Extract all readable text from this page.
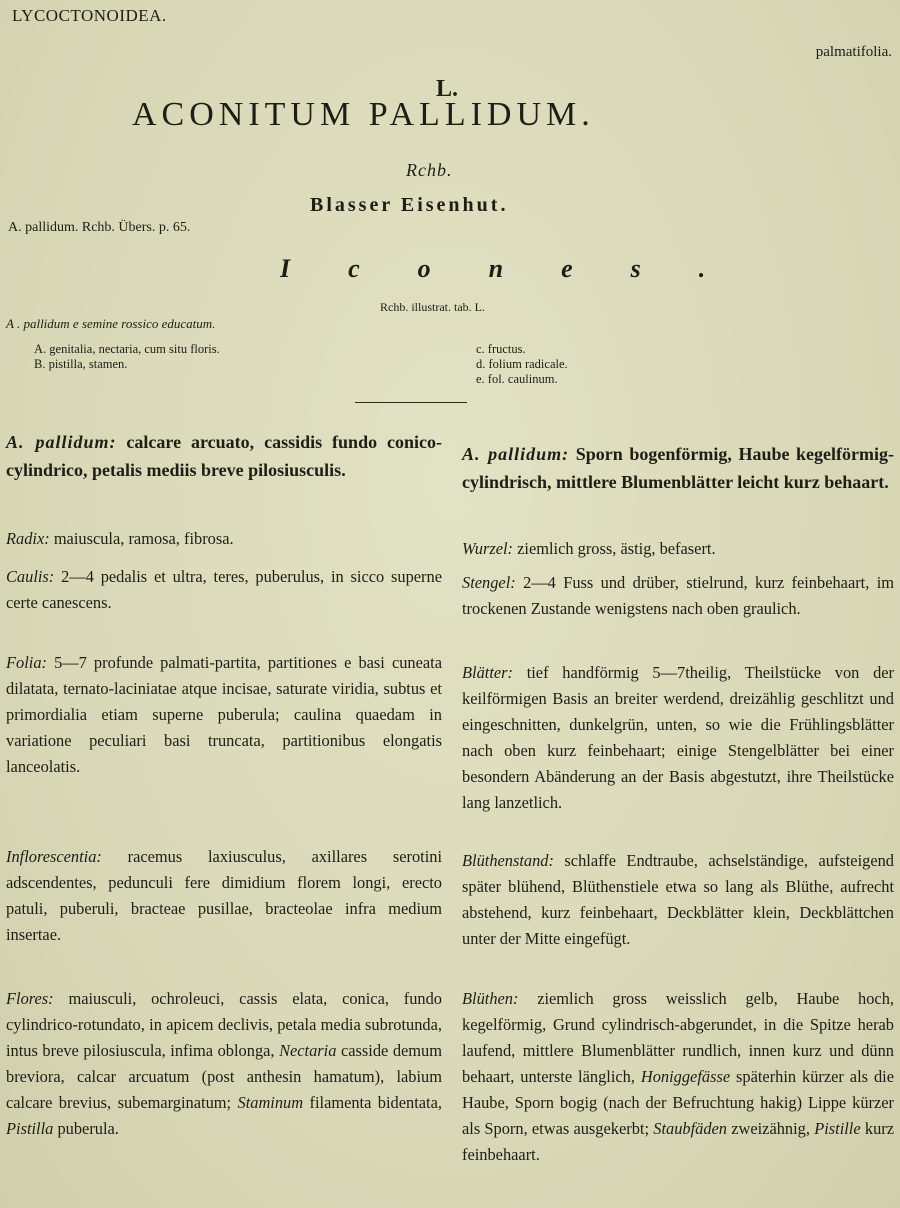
LYCOCTONOIDEA.
palmatifolia.
L.
ACONITUM PALLIDUM.
Rchb.
Blasser Eisenhut.
A. pallidum. Rchb. Übers. p. 65.
Icones.
Rchb. illustrat. tab. L.
A . pallidum e semine rossico educatum.
A. genitalia, nectaria, cum situ floris.
B. pistilla, stamen.
c. fructus.
d. folium radicale.
e. fol. caulinum.
A. pallidum: calcare arcuato, cassidis fundo conico-cylindrico, petalis mediis breve pilosiusculis.
Radix: maiuscula, ramosa, fibrosa.
Caulis: 2—4 pedalis et ultra, teres, puberulus, in sicco superne certe canescens.
Folia: 5—7 profunde palmati-partita, partitiones e basi cuneata dilatata, ternato-laciniatae atque incisae, saturate viridia, subtus et primordialia etiam superne puberula; caulina quaedam in variatione peculiari basi truncata, partitionibus elongatis lanceolatis.
Inflorescentia: racemus laxiusculus, axillares serotini adscendentes, pedunculi fere dimidium florem longi, erecto patuli, puberuli, bracteae pusillae, bracteolae infra medium insertae.
Flores: maiusculi, ochroleuci, cassis elata, conica, fundo cylindrico-rotundato, in apicem declivis, petala media subrotunda, intus breve pilosiuscula, infima oblonga, Nectaria casside demum breviora, calcar arcuatum (post anthesin hamatum), labium calcare brevius, subemarginatum; Staminum filamenta bidentata, Pistilla puberula.
A. pallidum: Sporn bogenförmig, Haube kegelförmig-cylindrisch, mittlere Blumenblätter leicht kurz behaart.
Wurzel: ziemlich gross, ästig, befasert.
Stengel: 2—4 Fuss und drüber, stielrund, kurz feinbehaart, im trockenen Zustande wenigstens nach oben graulich.
Blätter: tief handförmig 5—7theilig, Theilstücke von der keilförmigen Basis an breiter werdend, dreizählig geschlitzt und eingeschnitten, dunkelgrün, unten, so wie die Frühlingsblätter nach oben kurz feinbehaart; einige Stengelblätter bei einer besondern Abänderung an der Basis abgestutzt, ihre Theilstücke lang lanzetlich.
Blüthenstand: schlaffe Endtraube, achselständige, aufsteigend später blühend, Blüthenstiele etwa so lang als Blüthe, aufrecht abstehend, kurz feinbehaart, Deckblätter klein, Deckblättchen unter der Mitte eingefügt.
Blüthen: ziemlich gross weisslich gelb, Haube hoch, kegelförmig, Grund cylindrisch-abgerundet, in die Spitze herab laufend, mittlere Blumenblätter rundlich, innen kurz und dünn behaart, unterste länglich, Honiggefässe späterhin kürzer als die Haube, Sporn bogig (nach der Befruchtung hakig) Lippe kürzer als Sporn, etwas ausgekerbt; Staubfäden zweizähnig, Pistille kurz feinbehaart.
